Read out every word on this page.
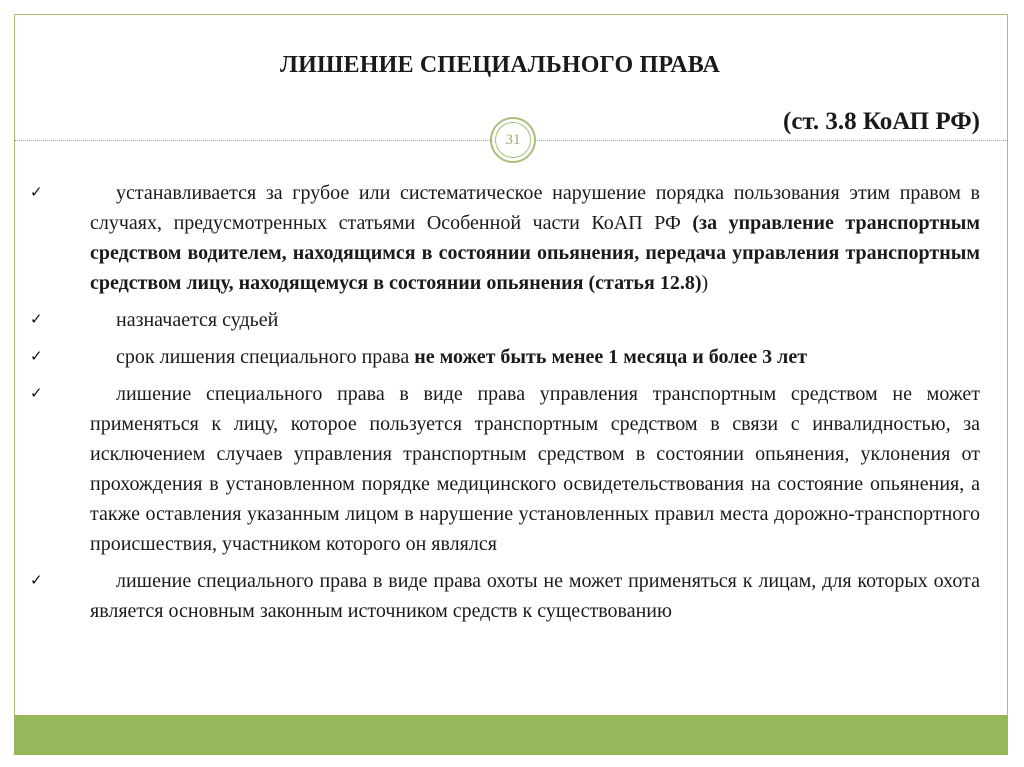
ЛИШЕНИЕ СПЕЦИАЛЬНОГО ПРАВА
(ст. 3.8 КоАП РФ)
31
✓	устанавливается за грубое или систематическое нарушение порядка пользования этим правом в случаях, предусмотренных статьями Особенной части КоАП РФ (за управление транспортным средством водителем, находящимся в состоянии опьянения, передача управления транспортным средством лицу, находящемуся в состоянии опьянения (статья 12.8))
✓	назначается судьей
✓	срок лишения специального права не может быть менее 1 месяца и более 3 лет
✓	лишение специального права в виде права управления транспортным средством не может применяться к лицу, которое пользуется транспортным средством в связи с инвалидностью, за исключением случаев управления транспортным средством в состоянии опьянения, уклонения от прохождения в установленном порядке медицинского освидетельствования на состояние опьянения, а также оставления указанным лицом в нарушение установленных правил места дорожно-транспортного происшествия, участником которого он являлся
✓	лишение специального права в виде права охоты не может применяться к лицам, для которых охота является основным законным источником средств к существованию
